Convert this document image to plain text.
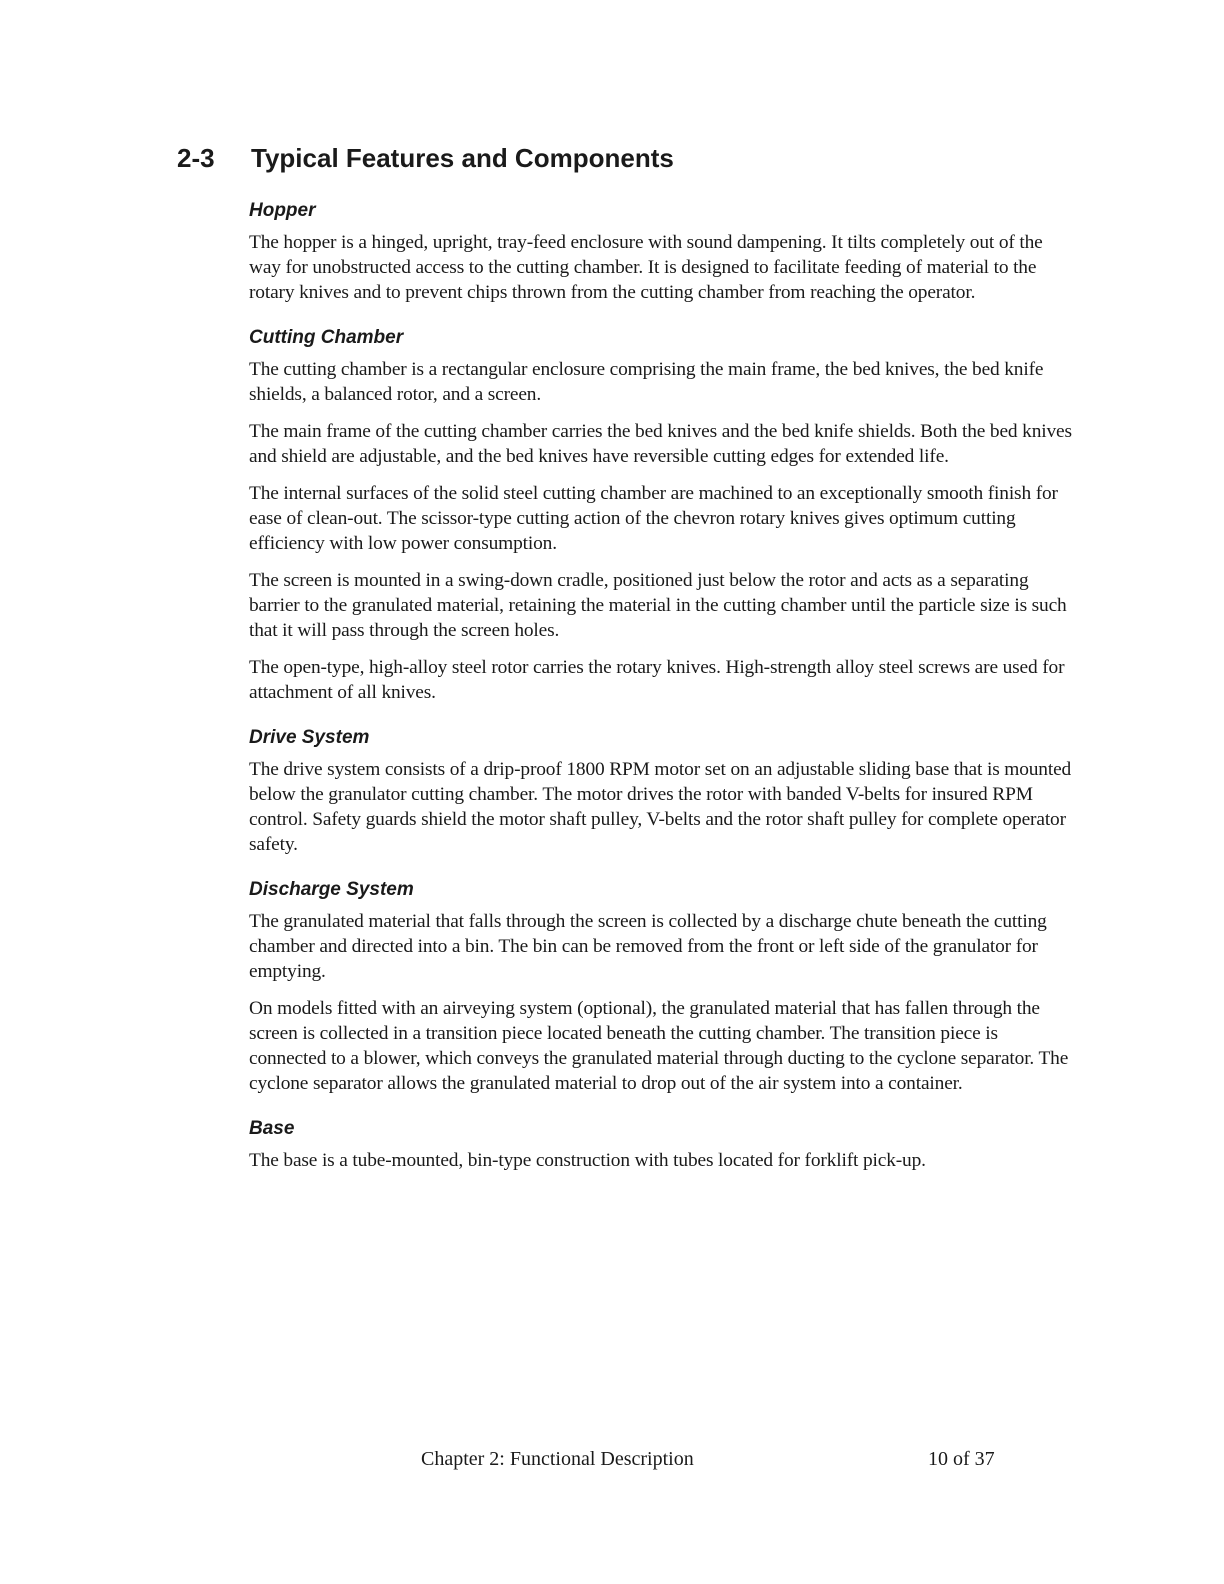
2-3 Typical Features and Components
Hopper

The hopper is a hinged, upright, tray-feed enclosure with sound dampening. It tilts completely out of the way for unobstructed access to the cutting chamber. It is designed to facilitate feeding of material to the rotary knives and to prevent chips thrown from the cutting chamber from reaching the operator.

Cutting Chamber

The cutting chamber is a rectangular enclosure comprising the main frame, the bed knives, the bed knife shields, a balanced rotor, and a screen.

The main frame of the cutting chamber carries the bed knives and the bed knife shields. Both the bed knives and shield are adjustable, and the bed knives have reversible cutting edges for extended life.

The internal surfaces of the solid steel cutting chamber are machined to an exceptionally smooth finish for ease of clean-out. The scissor-type cutting action of the chevron rotary knives gives optimum cutting efficiency with low power consumption.

The screen is mounted in a swing-down cradle, positioned just below the rotor and acts as a separating barrier to the granulated material, retaining the material in the cutting chamber until the particle size is such that it will pass through the screen holes.

The open-type, high-alloy steel rotor carries the rotary knives. High-strength alloy steel screws are used for attachment of all knives.

Drive System

The drive system consists of a drip-proof 1800 RPM motor set on an adjustable sliding base that is mounted below the granulator cutting chamber. The motor drives the rotor with banded V-belts for insured RPM control. Safety guards shield the motor shaft pulley, V-belts and the rotor shaft pulley for complete operator safety.

Discharge System

The granulated material that falls through the screen is collected by a discharge chute beneath the cutting chamber and directed into a bin. The bin can be removed from the front or left side of the granulator for emptying.

On models fitted with an airveying system (optional), the granulated material that has fallen through the screen is collected in a transition piece located beneath the cutting chamber. The transition piece is connected to a blower, which conveys the granulated material through ducting to the cyclone separator. The cyclone separator allows the granulated material to drop out of the air system into a container.

Base

The base is a tube-mounted, bin-type construction with tubes located for forklift pick-up.

Chapter 2: Functional Description	10 of 37
